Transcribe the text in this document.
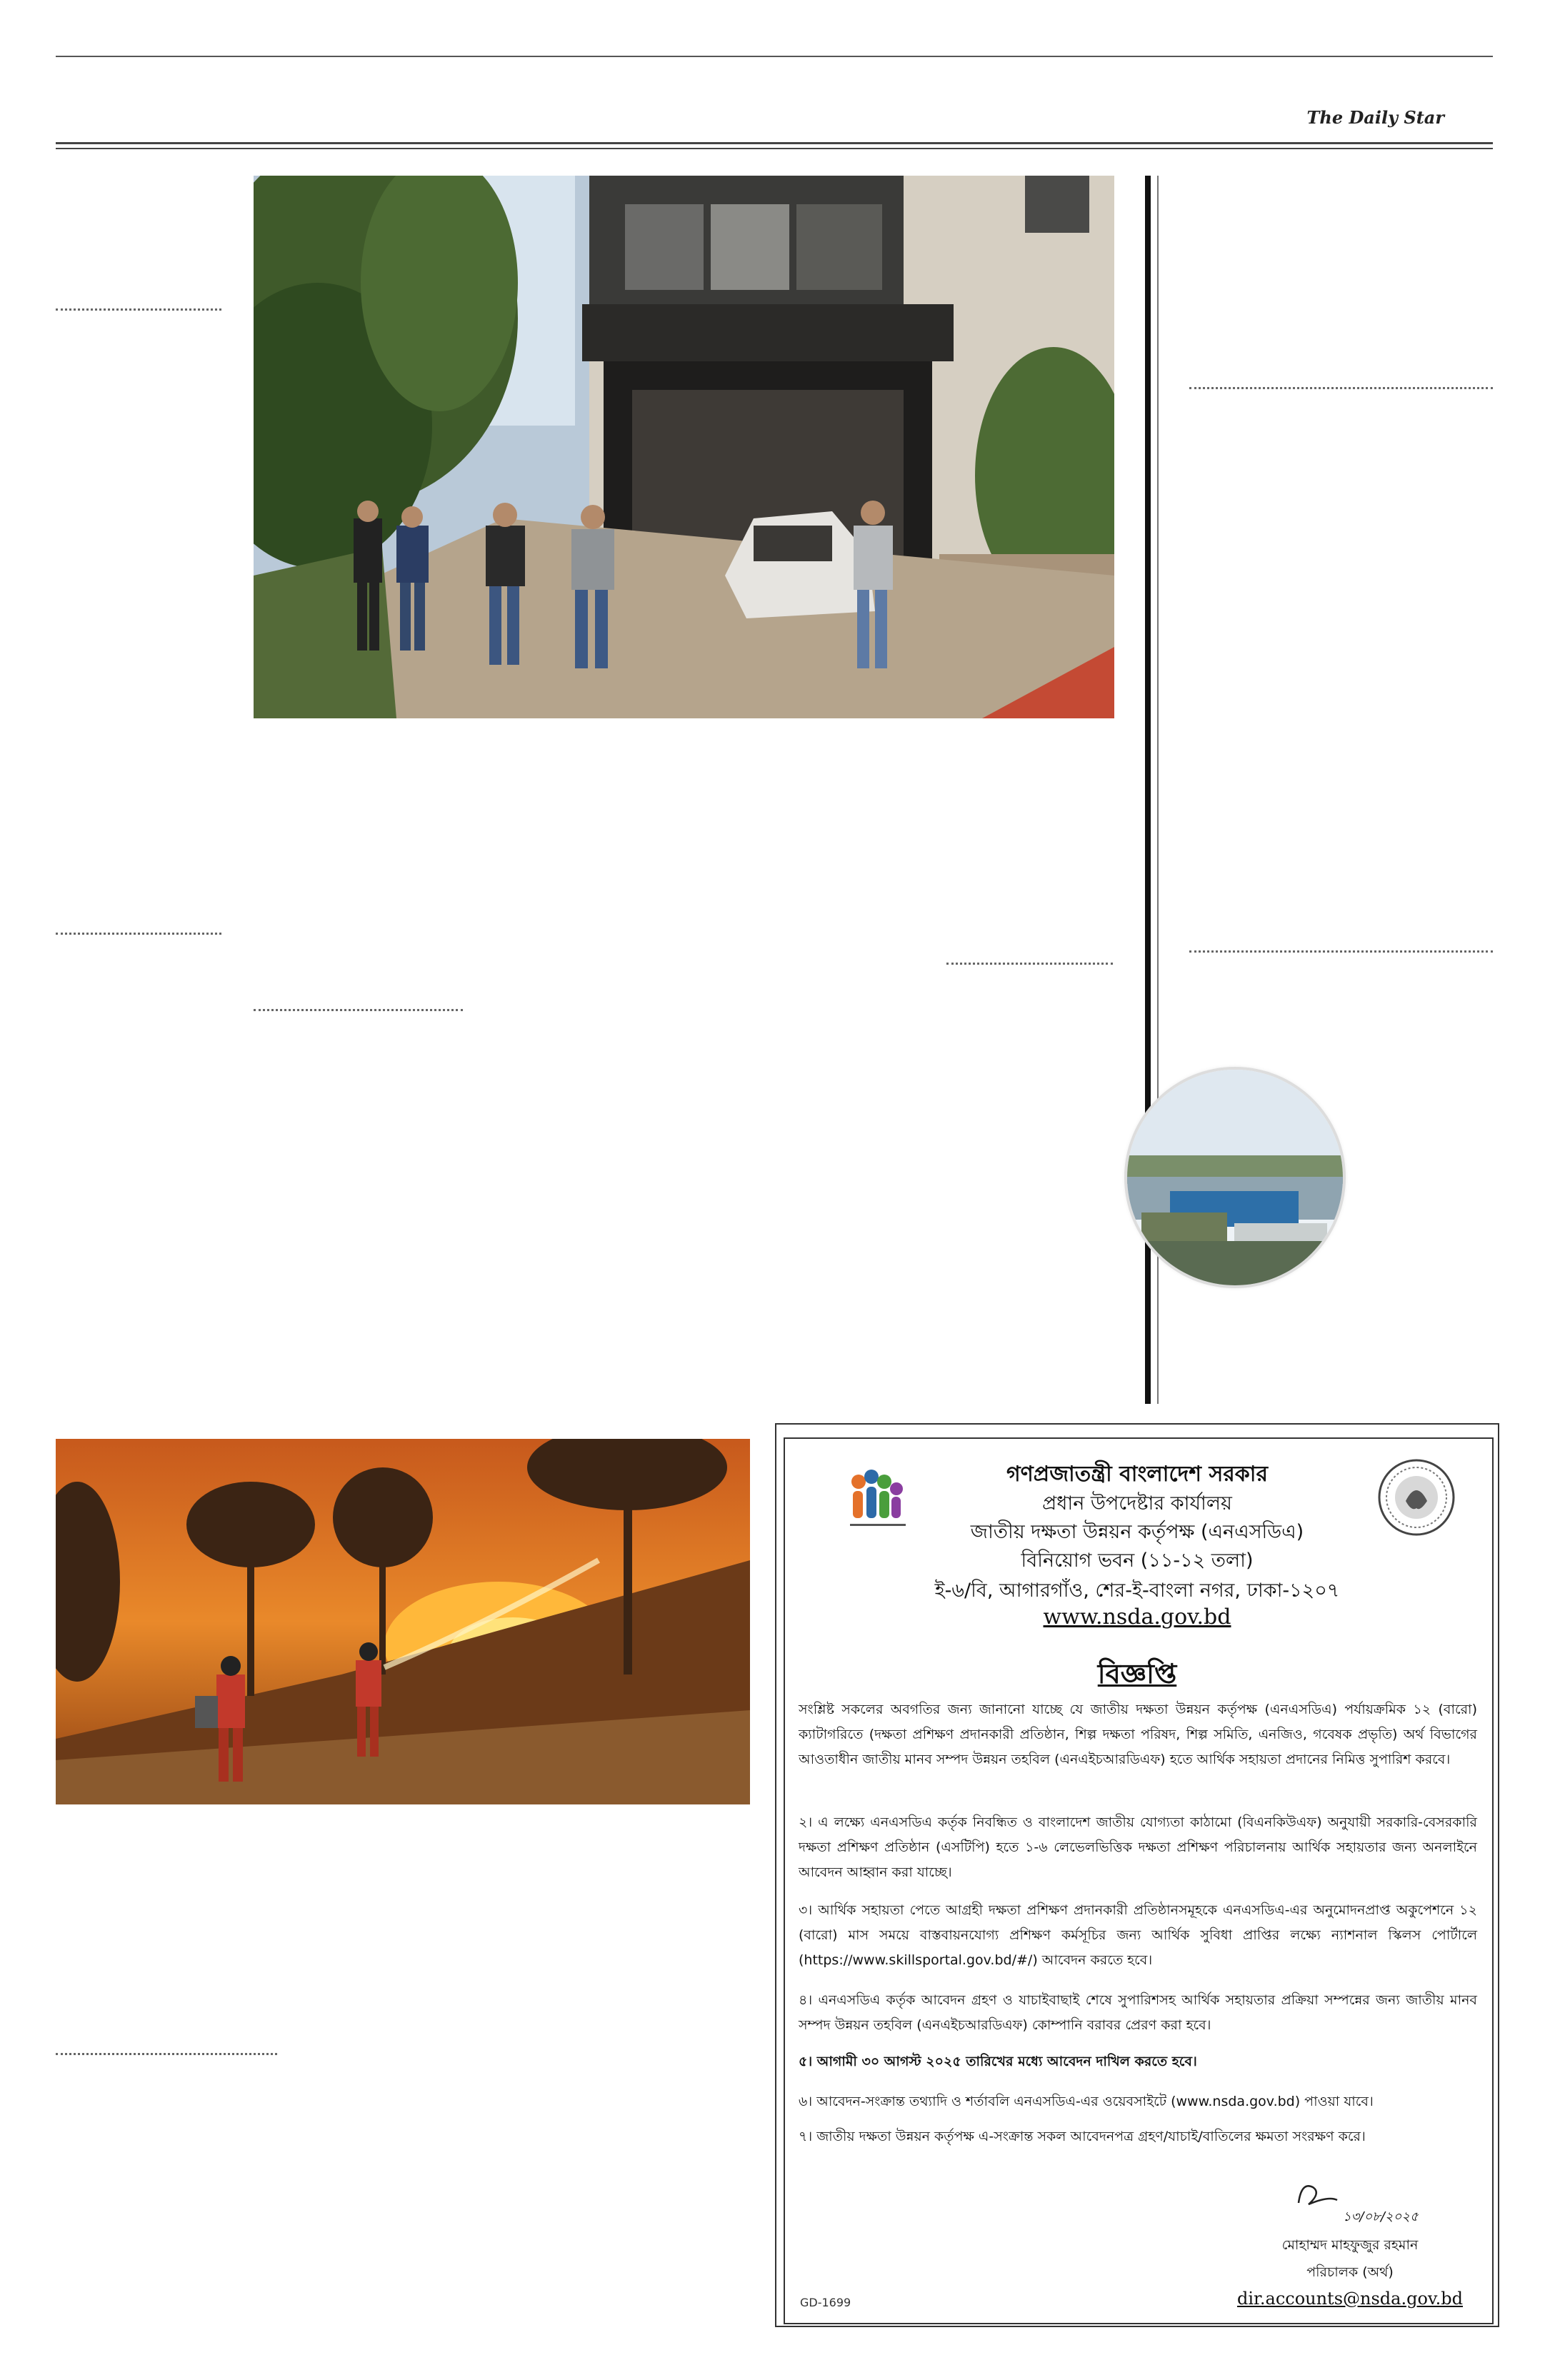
The Daily Star
গণপ্রজাতন্ত্রী বাংলাদেশ সরকার
প্রধান উপদেষ্টার কার্যালয়
জাতীয় দক্ষতা উন্নয়ন কর্তৃপক্ষ (এনএসডিএ)
বিনিয়োগ ভবন (১১-১২ তলা)
ই-৬/বি, আগারগাঁও, শের-ই-বাংলা নগর, ঢাকা-১২০৭
www.nsda.gov.bd
বিজ্ঞপ্তি
সংশ্লিষ্ট সকলের অবগতির জন্য জানানো যাচ্ছে যে জাতীয় দক্ষতা উন্নয়ন কর্তৃপক্ষ (এনএসডিএ) পর্যায়ক্রমিক ১২ (বারো) ক্যাটাগরিতে (দক্ষতা প্রশিক্ষণ প্রদানকারী প্রতিষ্ঠান, শিল্প দক্ষতা পরিষদ, শিল্প সমিতি, এনজিও, গবেষক প্রভৃতি) অর্থ বিভাগের আওতাধীন জাতীয় মানব সম্পদ উন্নয়ন তহবিল (এনএইচআরডিএফ) হতে আর্থিক সহায়তা প্রদানের নিমিত্ত সুপারিশ করবে।
২। এ লক্ষ্যে এনএসডিএ কর্তৃক নিবন্ধিত ও বাংলাদেশ জাতীয় যোগ্যতা কাঠামো (বিএনকিউএফ) অনুযায়ী সরকারি-বেসরকারি দক্ষতা প্রশিক্ষণ প্রতিষ্ঠান (এসটিপি) হতে ১-৬ লেভেলভিত্তিক দক্ষতা প্রশিক্ষণ পরিচালনায় আর্থিক সহায়তার জন্য অনলাইনে আবেদন আহ্বান করা যাচ্ছে।
৩। আর্থিক সহায়তা পেতে আগ্রহী দক্ষতা প্রশিক্ষণ প্রদানকারী প্রতিষ্ঠানসমূহকে এনএসডিএ-এর অনুমোদনপ্রাপ্ত অকুপেশনে ১২ (বারো) মাস সময়ে বাস্তবায়নযোগ্য প্রশিক্ষণ কর্মসূচির জন্য আর্থিক সুবিধা প্রাপ্তির লক্ষ্যে ন্যাশনাল স্কিলস পোর্টালে (https://www.skillsportal.gov.bd/#/) আবেদন করতে হবে।
৪। এনএসডিএ কর্তৃক আবেদন গ্রহণ ও যাচাইবাছাই শেষে সুপারিশসহ আর্থিক সহায়তার প্রক্রিয়া সম্পন্নের জন্য জাতীয় মানব সম্পদ উন্নয়ন তহবিল (এনএইচআরডিএফ) কোম্পানি বরাবর প্রেরণ করা হবে।
৫। আগামী ৩০ আগস্ট ২০২৫ তারিখের মধ্যে আবেদন দাখিল করতে হবে।
৬। আবেদন-সংক্রান্ত তথ্যাদি ও শর্তাবলি এনএসডিএ-এর ওয়েবসাইটে (www.nsda.gov.bd) পাওয়া যাবে।
৭। জাতীয় দক্ষতা উন্নয়ন কর্তৃপক্ষ এ-সংক্রান্ত সকল আবেদনপত্র গ্রহণ/যাচাই/বাতিলের ক্ষমতা সংরক্ষণ করে।
১৩/০৮/২০২৫
মোহাম্মদ মাহফুজুর রহমান
পরিচালক (অর্থ)
dir.accounts@nsda.gov.bd
GD-1699
